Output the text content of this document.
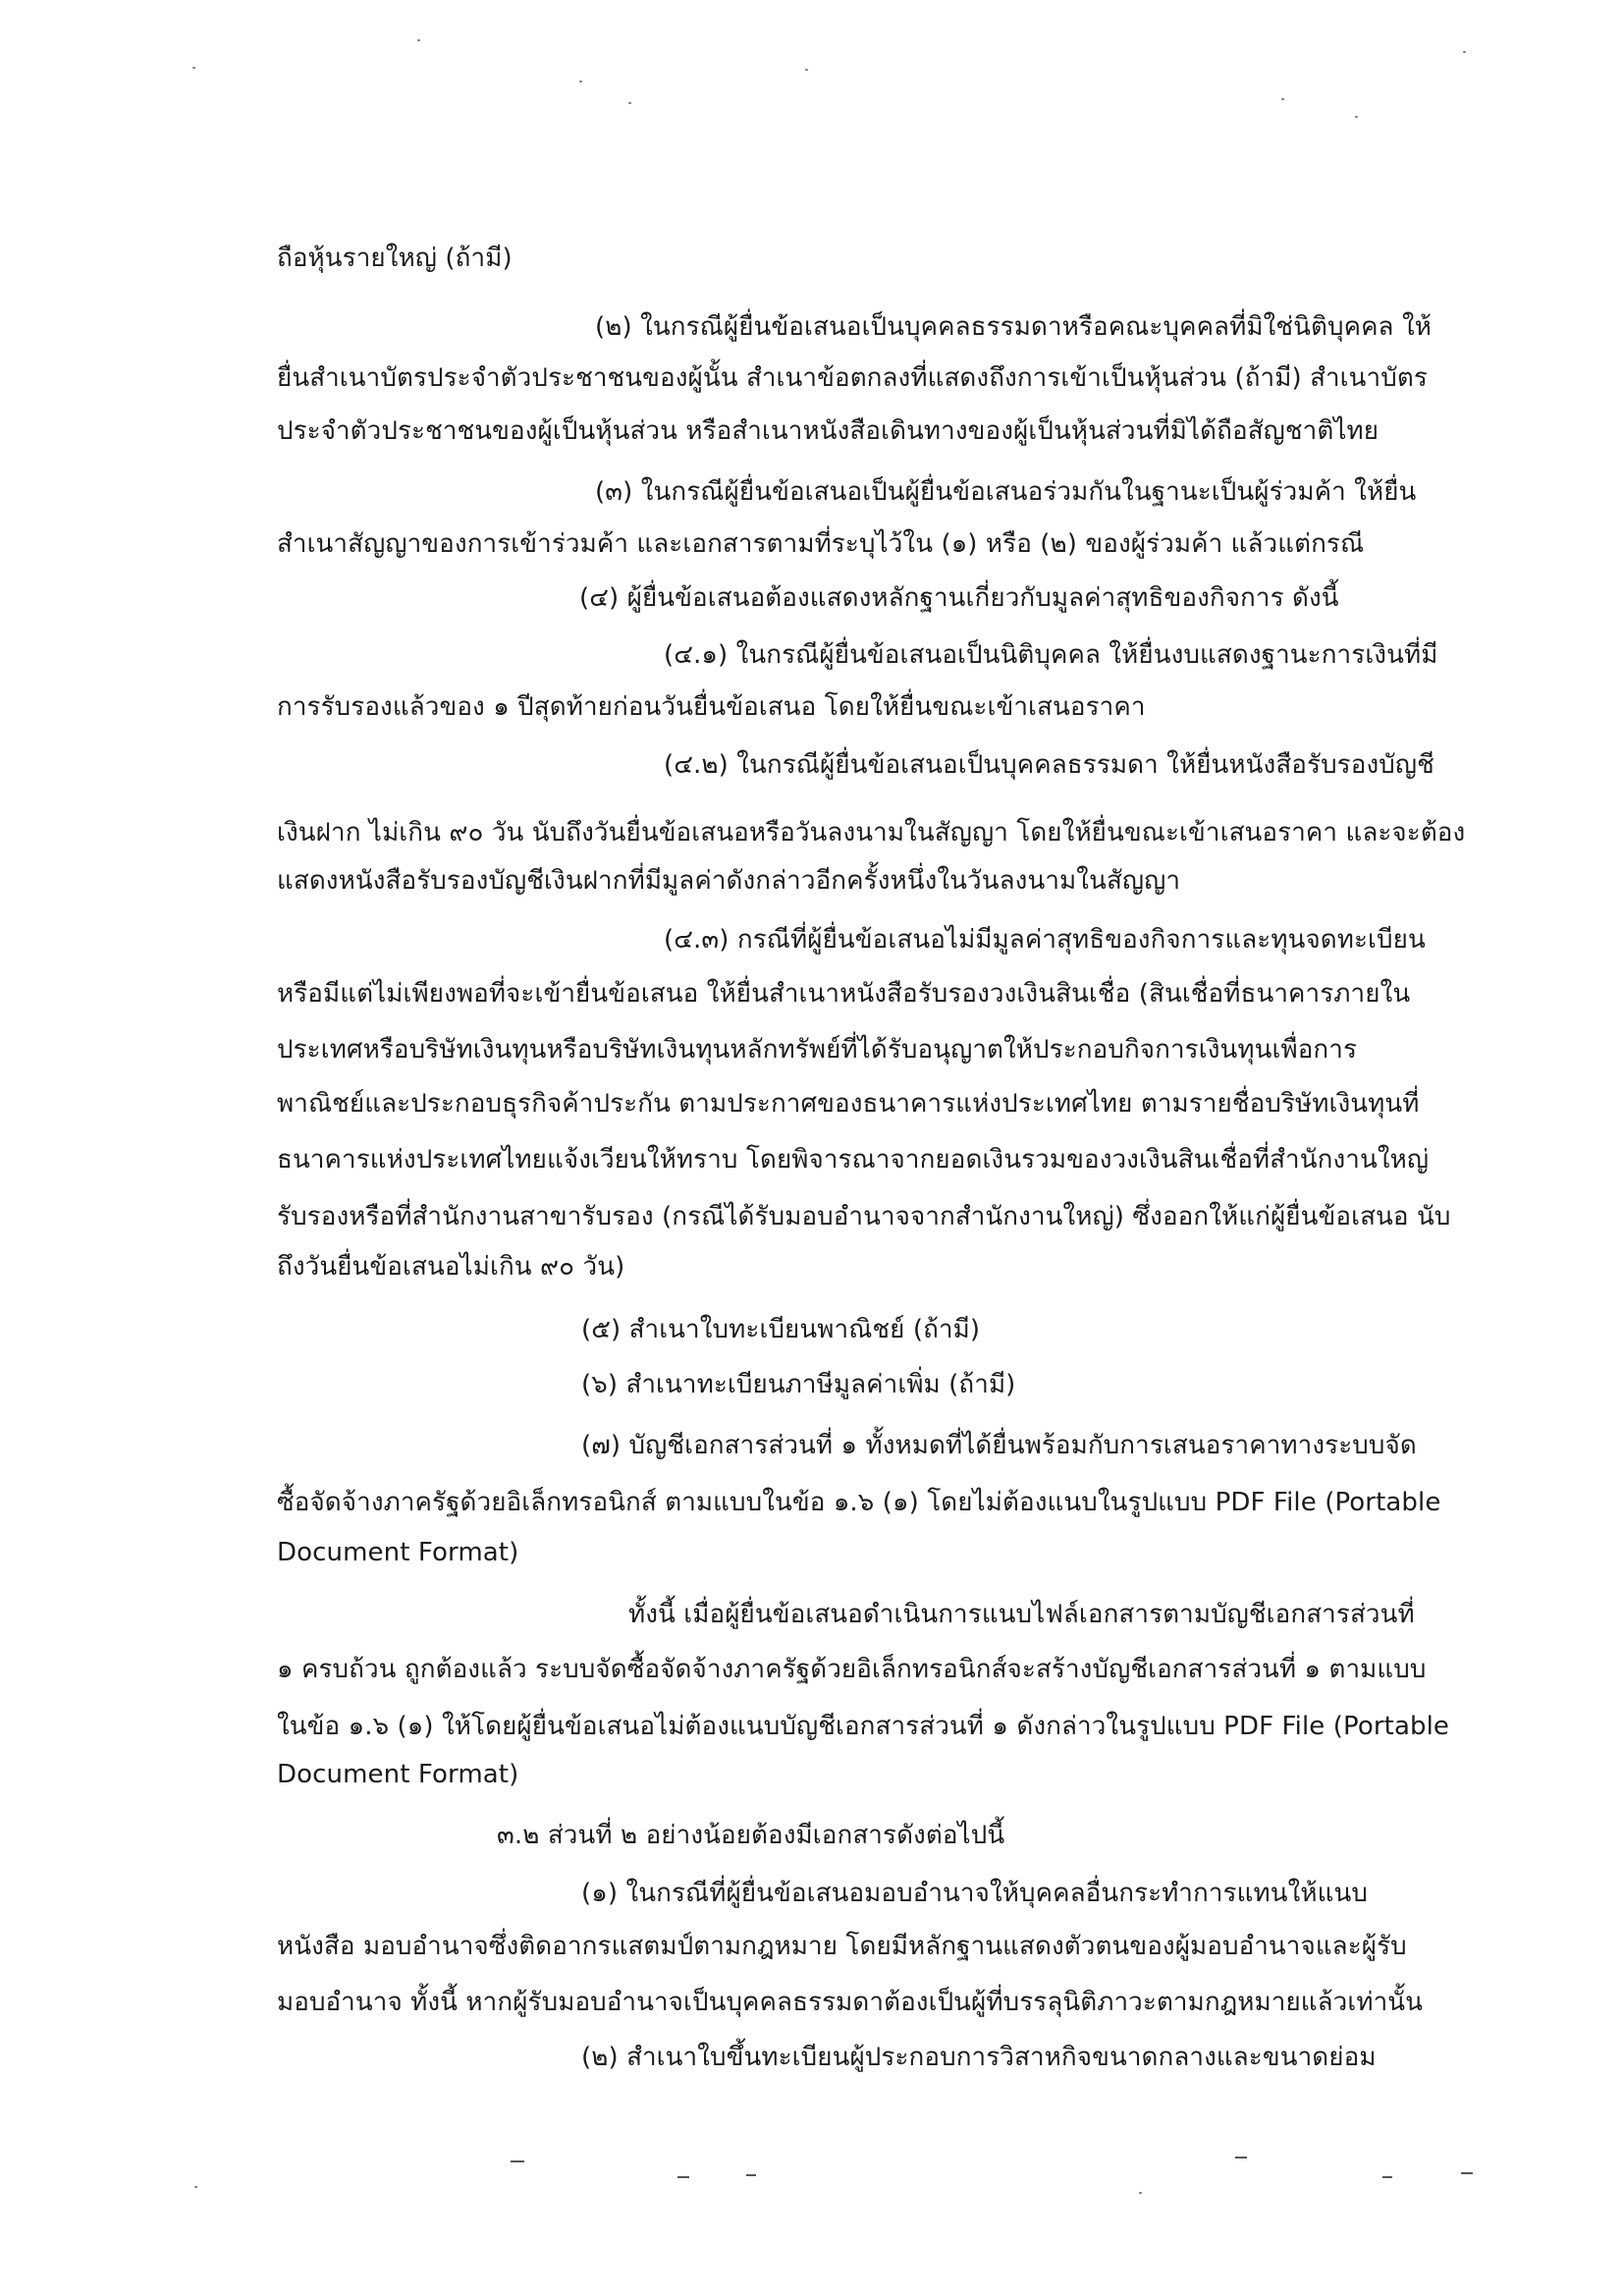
ถือหุ้นรายใหญ่ (ถ้ามี)
(๒) ในกรณีผู้ยื่นข้อเสนอเป็นบุคคลธรรมดาหรือคณะบุคคลที่มิใช่นิติบุคคล ให้
ยื่นสำเนาบัตรประจำตัวประชาชนของผู้นั้น สำเนาข้อตกลงที่แสดงถึงการเข้าเป็นหุ้นส่วน (ถ้ามี) สำเนาบัตร
ประจำตัวประชาชนของผู้เป็นหุ้นส่วน หรือสำเนาหนังสือเดินทางของผู้เป็นหุ้นส่วนที่มิได้ถือสัญชาติไทย
(๓) ในกรณีผู้ยื่นข้อเสนอเป็นผู้ยื่นข้อเสนอร่วมกันในฐานะเป็นผู้ร่วมค้า ให้ยื่น
สำเนาสัญญาของการเข้าร่วมค้า และเอกสารตามที่ระบุไว้ใน (๑) หรือ (๒) ของผู้ร่วมค้า แล้วแต่กรณี
(๔) ผู้ยื่นข้อเสนอต้องแสดงหลักฐานเกี่ยวกับมูลค่าสุทธิของกิจการ ดังนี้
(๔.๑) ในกรณีผู้ยื่นข้อเสนอเป็นนิติบุคคล ให้ยื่นงบแสดงฐานะการเงินที่มี
การรับรองแล้วของ ๑ ปีสุดท้ายก่อนวันยื่นข้อเสนอ โดยให้ยื่นขณะเข้าเสนอราคา
(๔.๒) ในกรณีผู้ยื่นข้อเสนอเป็นบุคคลธรรมดา ให้ยื่นหนังสือรับรองบัญชี
เงินฝาก ไม่เกิน ๙๐ วัน นับถึงวันยื่นข้อเสนอหรือวันลงนามในสัญญา โดยให้ยื่นขณะเข้าเสนอราคา และจะต้อง
แสดงหนังสือรับรองบัญชีเงินฝากที่มีมูลค่าดังกล่าวอีกครั้งหนึ่งในวันลงนามในสัญญา
(๔.๓) กรณีที่ผู้ยื่นข้อเสนอไม่มีมูลค่าสุทธิของกิจการและทุนจดทะเบียน
หรือมีแต่ไม่เพียงพอที่จะเข้ายื่นข้อเสนอ ให้ยื่นสำเนาหนังสือรับรองวงเงินสินเชื่อ (สินเชื่อที่ธนาคารภายใน
ประเทศหรือบริษัทเงินทุนหรือบริษัทเงินทุนหลักทรัพย์ที่ได้รับอนุญาตให้ประกอบกิจการเงินทุนเพื่อการ
พาณิชย์และประกอบธุรกิจค้าประกัน ตามประกาศของธนาคารแห่งประเทศไทย ตามรายชื่อบริษัทเงินทุนที่
ธนาคารแห่งประเทศไทยแจ้งเวียนให้ทราบ โดยพิจารณาจากยอดเงินรวมของวงเงินสินเชื่อที่สำนักงานใหญ่
รับรองหรือที่สำนักงานสาขารับรอง (กรณีได้รับมอบอำนาจจากสำนักงานใหญ่) ซึ่งออกให้แก่ผู้ยื่นข้อเสนอ นับ
ถึงวันยื่นข้อเสนอไม่เกิน ๙๐ วัน)
(๕) สำเนาใบทะเบียนพาณิชย์ (ถ้ามี)
(๖) สำเนาทะเบียนภาษีมูลค่าเพิ่ม (ถ้ามี)
(๗) บัญชีเอกสารส่วนที่ ๑ ทั้งหมดที่ได้ยื่นพร้อมกับการเสนอราคาทางระบบจัด
ซื้อจัดจ้างภาครัฐด้วยอิเล็กทรอนิกส์ ตามแบบในข้อ ๑.๖ (๑) โดยไม่ต้องแนบในรูปแบบ PDF File (Portable
Document Format)
ทั้งนี้ เมื่อผู้ยื่นข้อเสนอดำเนินการแนบไฟล์เอกสารตามบัญชีเอกสารส่วนที่
๑ ครบถ้วน ถูกต้องแล้ว ระบบจัดซื้อจัดจ้างภาครัฐด้วยอิเล็กทรอนิกส์จะสร้างบัญชีเอกสารส่วนที่ ๑ ตามแบบ
ในข้อ ๑.๖ (๑) ให้โดยผู้ยื่นข้อเสนอไม่ต้องแนบบัญชีเอกสารส่วนที่ ๑ ดังกล่าวในรูปแบบ PDF File (Portable
Document Format)
๓.๒ ส่วนที่ ๒ อย่างน้อยต้องมีเอกสารดังต่อไปนี้
(๑) ในกรณีที่ผู้ยื่นข้อเสนอมอบอำนาจให้บุคคลอื่นกระทำการแทนให้แนบ
หนังสือ มอบอำนาจซึ่งติดอากรแสตมป์ตามกฎหมาย โดยมีหลักฐานแสดงตัวตนของผู้มอบอำนาจและผู้รับ
มอบอำนาจ ทั้งนี้ หากผู้รับมอบอำนาจเป็นบุคคลธรรมดาต้องเป็นผู้ที่บรรลุนิติภาวะตามกฎหมายแล้วเท่านั้น
(๒) สำเนาใบขึ้นทะเบียนผู้ประกอบการวิสาหกิจขนาดกลางและขนาดย่อม
